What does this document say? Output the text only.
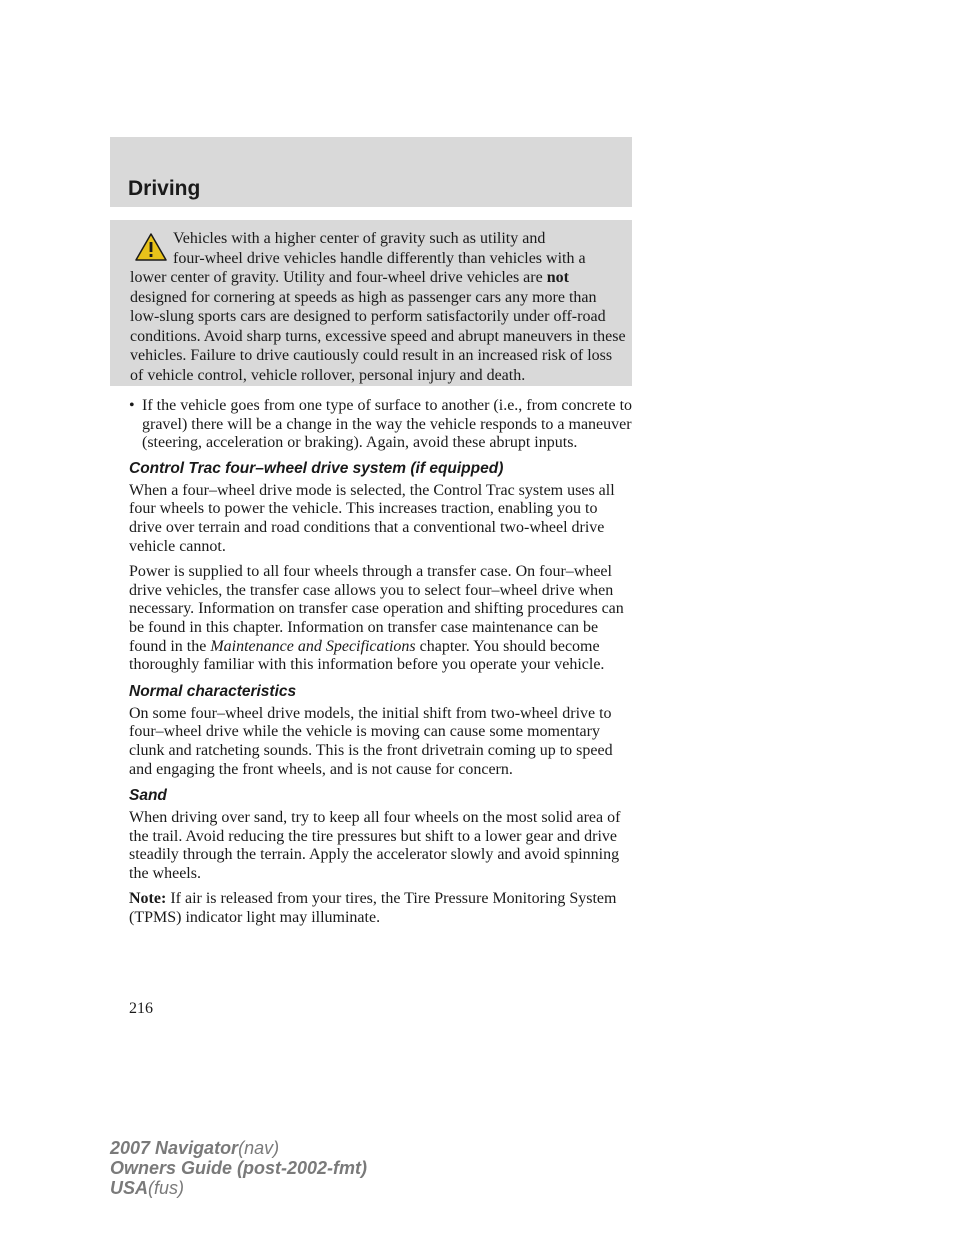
Driving

Vehicles with a higher center of gravity such as utility and
four-wheel drive vehicles handle differently than vehicles with a
lower center of gravity. Utility and four-wheel drive vehicles are not designed for cornering at speeds as high as passenger cars any more than low-slung sports cars are designed to perform satisfactorily under off-road conditions. Avoid sharp turns, excessive speed and abrupt maneuvers in these vehicles. Failure to drive cautiously could result in an increased risk of loss of vehicle control, vehicle rollover, personal injury and death.

• If the vehicle goes from one type of surface to another (i.e., from concrete to gravel) there will be a change in the way the vehicle responds to a maneuver (steering, acceleration or braking). Again, avoid these abrupt inputs.
Control Trac four–wheel drive system (if equipped)

When a four–wheel drive mode is selected, the Control Trac system uses all four wheels to power the vehicle. This increases traction, enabling you to drive over terrain and road conditions that a conventional two-wheel drive vehicle cannot.

Power is supplied to all four wheels through a transfer case. On four–wheel drive vehicles, the transfer case allows you to select four–wheel drive when necessary. Information on transfer case operation and shifting procedures can be found in this chapter. Information on transfer case maintenance can be found in the Maintenance and Specifications chapter. You should become thoroughly familiar with this information before you operate your vehicle.

Normal characteristics

On some four–wheel drive models, the initial shift from two-wheel drive to four–wheel drive while the vehicle is moving can cause some momentary clunk and ratcheting sounds. This is the front drivetrain coming up to speed and engaging the front wheels, and is not cause for concern.

Sand

When driving over sand, try to keep all four wheels on the most solid area of the trail. Avoid reducing the tire pressures but shift to a lower gear and drive steadily through the terrain. Apply the accelerator slowly and avoid spinning the wheels.

Note: If air is released from your tires, the Tire Pressure Monitoring System (TPMS) indicator light may illuminate.

216
2007 Navigator(nav)
Owners Guide (post-2002-fmt)
USA(fus)
